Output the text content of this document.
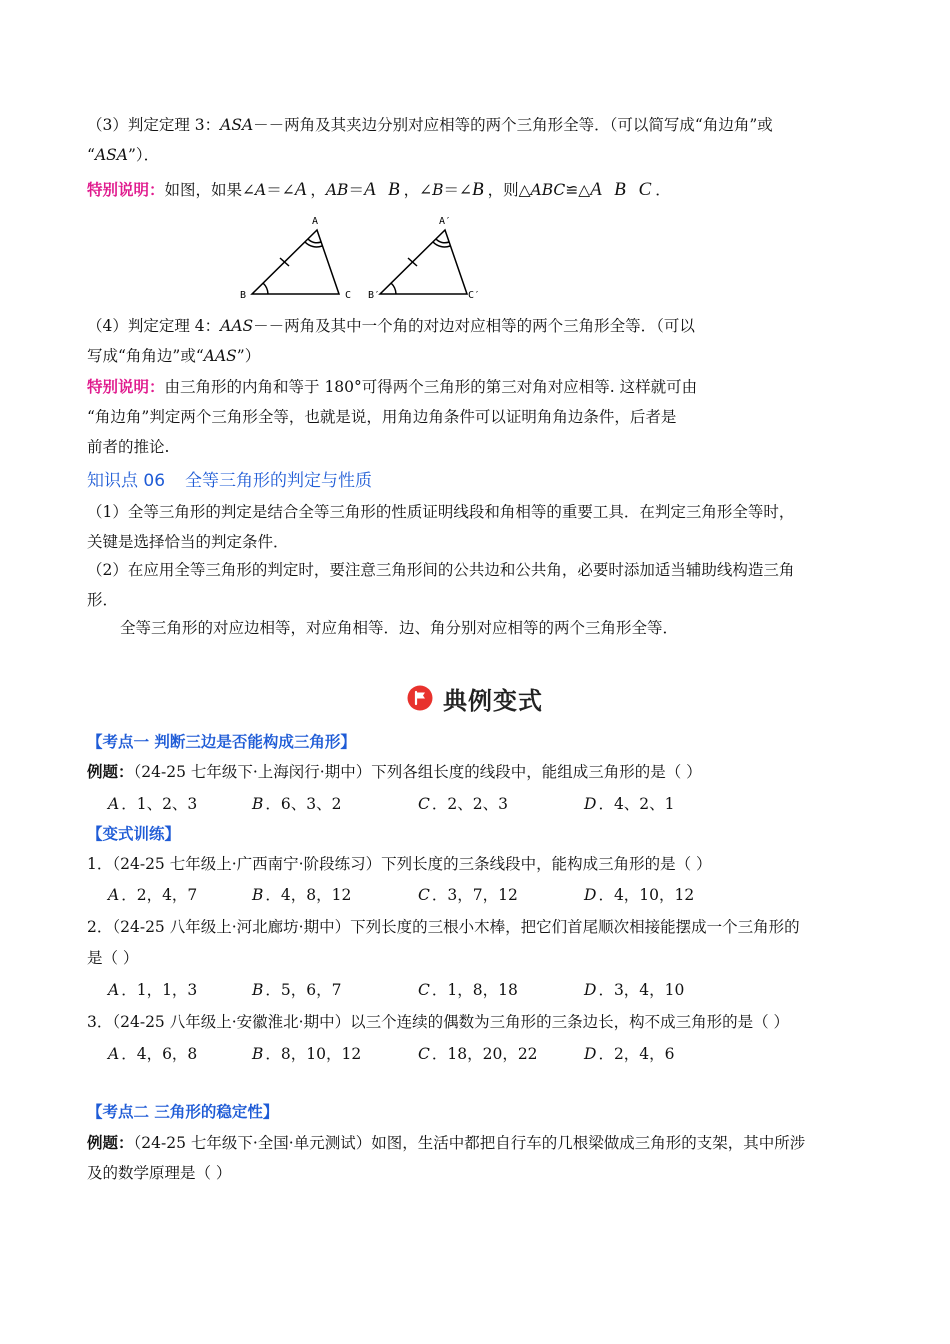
（3）判定定理 3：ASA－－两角及其夹边分别对应相等的两个三角形全等．（可以简写成“角边角”或
“ASA”）．
特别说明：如图，如果∠A＝∠A，AB＝A B，∠B＝∠B，则△ABC≌△A B C．
A
B	C
A′
B′	C′
（4）判定定理 4：AAS－－两角及其中一个角的对边对应相等的两个三角形全等．（可以
写成“角角边”或“AAS”）
特别说明：由三角形的内角和等于 180°可得两个三角形的第三对角对应相等. 这样就可由
“角边角”判定两个三角形全等，也就是说，用角边角条件可以证明角角边条件，后者是
前者的推论.
知识点 06 全等三角形的判定与性质
（1）全等三角形的判定是结合全等三角形的性质证明线段和角相等的重要工具．在判定三角形全等时，
关键是选择恰当的判定条件．
（2）在应用全等三角形的判定时，要注意三角形间的公共边和公共角，必要时添加适当辅助线构造三角
形．
全等三角形的对应边相等，对应角相等．边、角分别对应相等的两个三角形全等．
典例变式
【考点一 判断三边是否能构成三角形】
例题：（24-25 七年级下·上海闵行·期中）下列各组长度的线段中，能组成三角形的是（ ）
A ．1、2、3	B ．6、3、2	C ．2、2、3	D ．4、2、1
【变式训练】
1．（24-25 七年级上·广西南宁·阶段练习）下列长度的三条线段中，能构成三角形的是（ ）
A ．2，4，7	B ．4，8，12	C ．3，7，12	D ．4，10，12
2．（24-25 八年级上·河北廊坊·期中）下列长度的三根小木棒，把它们首尾顺次相接能摆成一个三角形的
是（ ）
A ．1，1，3	B ．5，6，7	C ．1，8，18	D ．3，4，10
3．（24-25 八年级上·安徽淮北·期中）以三个连续的偶数为三角形的三条边长，构不成三角形的是（ ）
A ．4，6，8	B ．8，10，12	C ．18，20，22	D ．2，4，6
【考点二 三角形的稳定性】
例题：（24-25 七年级下·全国·单元测试）如图，生活中都把自行车的几根梁做成三角形的支架，其中所涉
及的数学原理是（ ）
